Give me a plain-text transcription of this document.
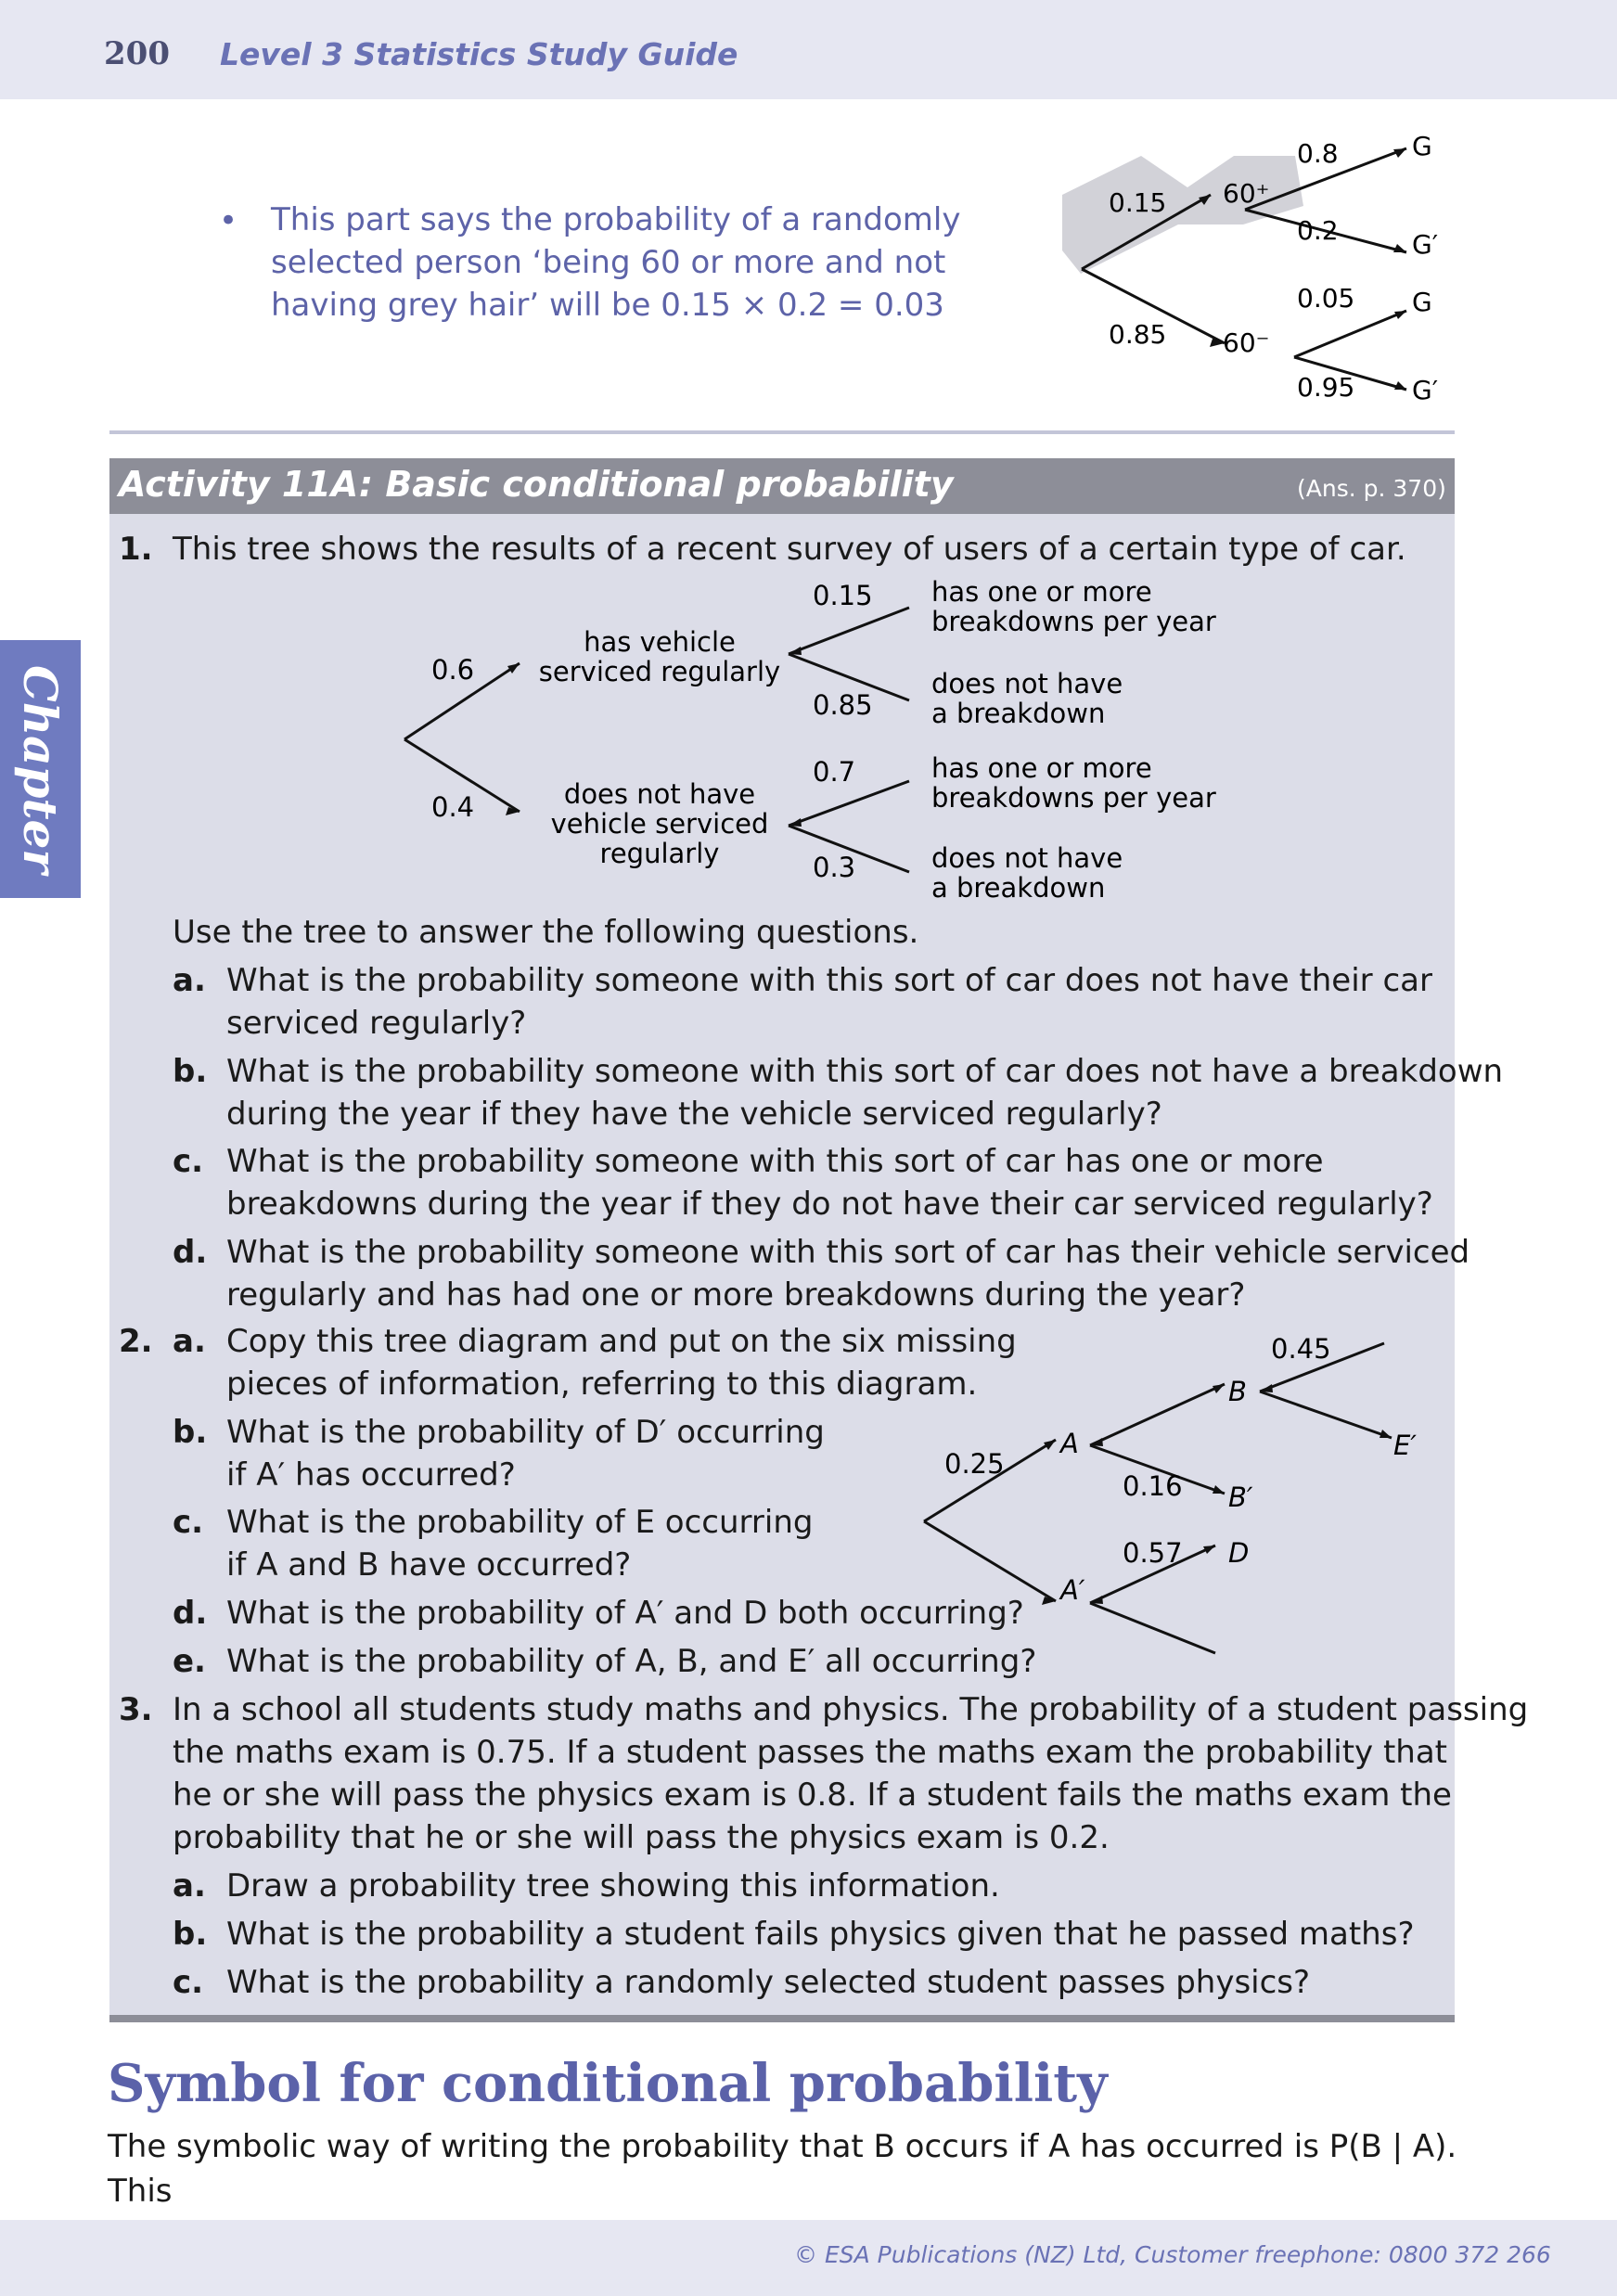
200 Level 3 Statistics Study Guide
• This part says the probability of a randomly selected person ‘being 60 or more and not having grey hair’ will be 0.15 × 0.2 = 0.03
0.15 60⁺
0.85 60⁻
0.8	G
0.2	G′
0.05 G
0.95 G′
Chapter
Activity 11A: Basic conditional probability	(Ans. p. 370)
1. This tree shows the results of a recent survey of users of a certain type of car.
0.6
0.4
has vehicle
serviced regularly
does not have
vehicle serviced
regularly
0.15
0.85
0.7
0.3
has one or more
breakdowns per year
does not have
a breakdown
has one or more
breakdowns per year
does not have
a breakdown
Use the tree to answer the following questions.
a. What is the probability someone with this sort of car does not have their car
serviced regularly?
b. What is the probability someone with this sort of car does not have a breakdown
during the year if they have the vehicle serviced regularly?
c. What is the probability someone with this sort of car has one or more
breakdowns during the year if they do not have their car serviced regularly?
d. What is the probability someone with this sort of car has their vehicle serviced
regularly and has had one or more breakdowns during the year?
2. a. Copy this tree diagram and put on the six missing
pieces of information, referring to this diagram.
b. What is the probability of D′ occurring
if A′ has occurred?
c. What is the probability of E occurring
if A and B have occurred?
d. What is the probability of A′ and D both occurring?
e. What is the probability of A, B, and E′ all occurring?
0.25
A
A′
0.16
B
B′
0.57 D
0.45
E′
3. In a school all students study maths and physics. The probability of a student passing
the maths exam is 0.75. If a student passes the maths exam the probability that
he or she will pass the physics exam is 0.8. If a student fails the maths exam the
probability that he or she will pass the physics exam is 0.2.
a. Draw a probability tree showing this information.
b. What is the probability a student fails physics given that he passed maths?
c. What is the probability a randomly selected student passes physics?
Symbol for conditional probability
The symbolic way of writing the probability that B occurs if A has occurred is P(B | A). This
© ESA Publications (NZ) Ltd, Customer freephone: 0800 372 266
